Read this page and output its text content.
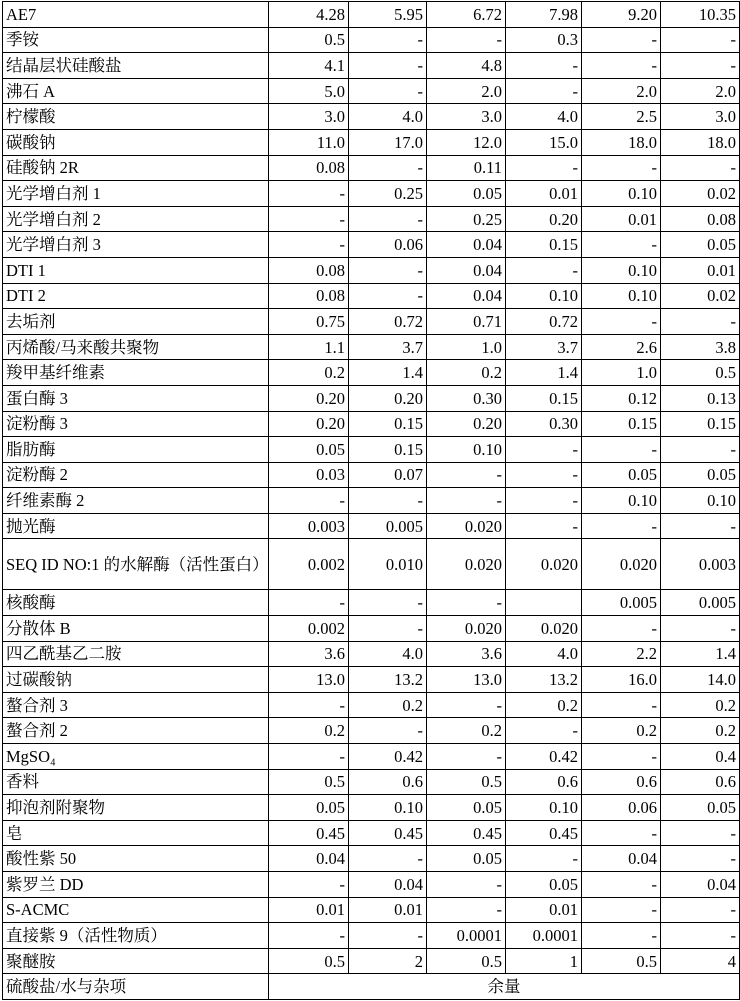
AE7	4.28	5.95	6.72	7.98	9.20	10.35
季铵	0.5	-	-	0.3	-	-
结晶层状硅酸盐	4.1	-	4.8	-	-	-
沸石 A	5.0	-	2.0	-	2.0	2.0
柠檬酸	3.0	4.0	3.0	4.0	2.5	3.0
碳酸钠	11.0	17.0	12.0	15.0	18.0	18.0
硅酸钠 2R	0.08	-	0.11	-	-	-
光学增白剂 1	-	0.25	0.05	0.01	0.10	0.02
光学增白剂 2	-	-	0.25	0.20	0.01	0.08
光学增白剂 3	-	0.06	0.04	0.15	-	0.05
DTI 1	0.08	-	0.04	-	0.10	0.01
DTI 2	0.08	-	0.04	0.10	0.10	0.02
去垢剂	0.75	0.72	0.71	0.72	-	-
丙烯酸/马来酸共聚物	1.1	3.7	1.0	3.7	2.6	3.8
羧甲基纤维素	0.2	1.4	0.2	1.4	1.0	0.5
蛋白酶 3	0.20	0.20	0.30	0.15	0.12	0.13
淀粉酶 3	0.20	0.15	0.20	0.30	0.15	0.15
脂肪酶	0.05	0.15	0.10	-	-	-
淀粉酶 2	0.03	0.07	-	-	0.05	0.05
纤维素酶 2	-	-	-	-	0.10	0.10
抛光酶	0.003	0.005	0.020	-	-	-
SEQ ID NO:1 的水解酶（活性蛋白）	0.002	0.010	0.020	0.020	0.020	0.003
核酸酶	-	-	-		0.005	0.005
分散体 B	0.002	-	0.020	0.020	-	-
四乙酰基乙二胺	3.6	4.0	3.6	4.0	2.2	1.4
过碳酸钠	13.0	13.2	13.0	13.2	16.0	14.0
螯合剂 3	-	0.2	-	0.2	-	0.2
螯合剂 2	0.2	-	0.2	-	0.2	0.2
MgSO₄	-	0.42	-	0.42	-	0.4
香料	0.5	0.6	0.5	0.6	0.6	0.6
抑泡剂附聚物	0.05	0.10	0.05	0.10	0.06	0.05
皂	0.45	0.45	0.45	0.45	-	-
酸性紫 50	0.04	-	0.05	-	0.04	-
紫罗兰 DD	-	0.04	-	0.05	-	0.04
S-ACMC	0.01	0.01	-	0.01	-	-
直接紫 9（活性物质）	-	-	0.0001	0.0001	-	-
聚醚胺	0.5	2	0.5	1	0.5	4
硫酸盐/水与杂项	余量
